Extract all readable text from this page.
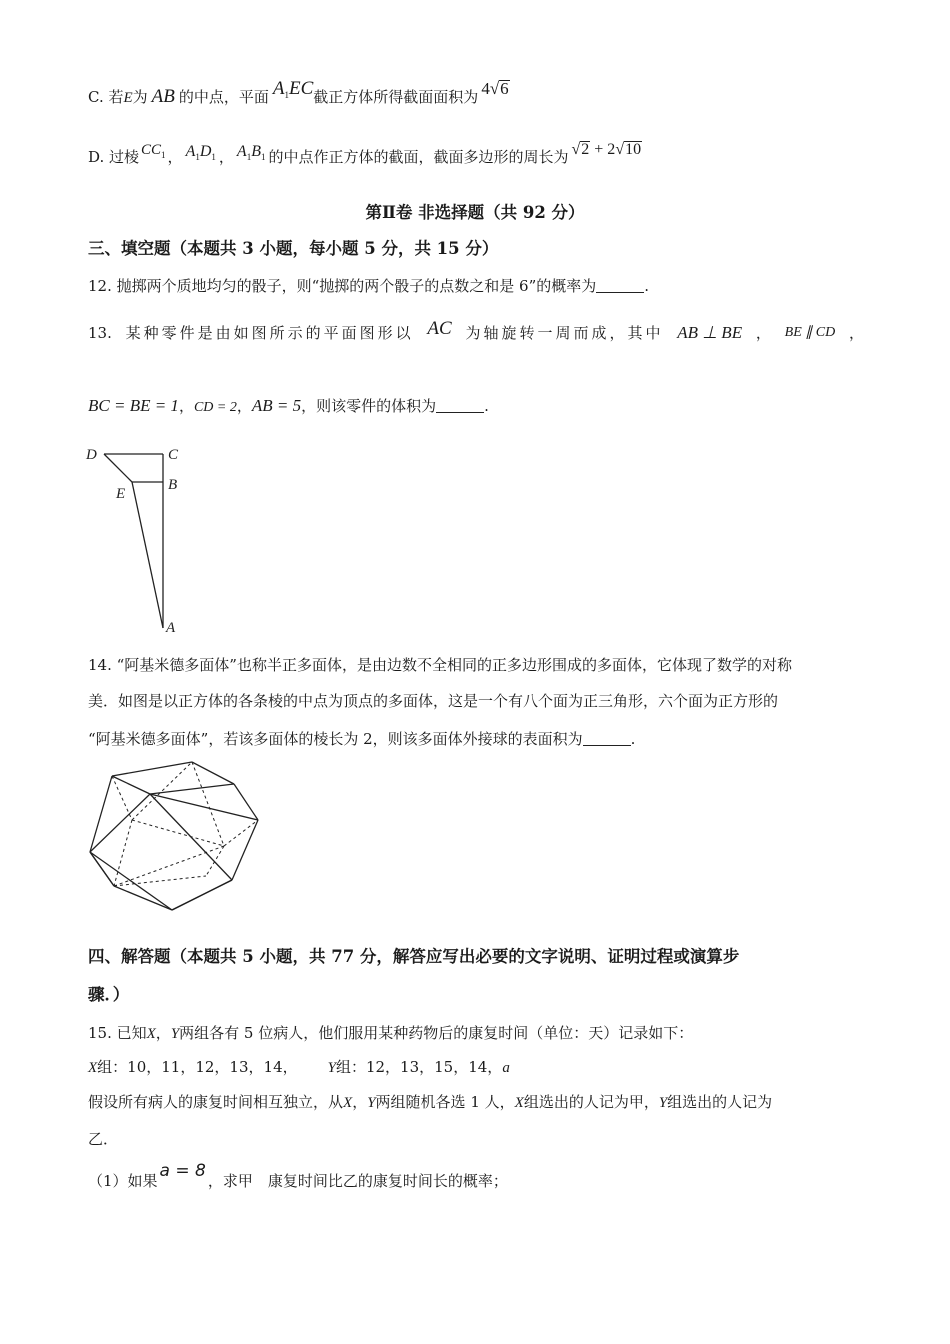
C. 若E为 AB 的中点，平面 $A_1EC$截正方体所得截面面积为 4√6
D. 过棱 $CC_1$ ， $A_1D_1$ ， $A_1B_1$ 的中点作正方体的截面，截面多边形的周长为 √2 + 2√10
第Ⅱ卷 非选择题（共 92 分）
三、填空题（本题共 3 小题，每小题 5 分，共 15 分）
12. 抛掷两个质地均匀的骰子，则“抛掷的两个骰子的点数之和是 6”的概率为	.
13. 某种零件是由如图所示的平面图形以 AC 为轴旋转一周而成，其中 AB ⊥ BE ， BE ∥ CD ，
BC = BE = 1，CD = 2，AB = 5，则该零件的体积为	.
D	C
E
B
A
14. “阿基米德多面体”也称半正多面体，是由边数不全相同的正多边形围成的多面体，它体现了数学的对称
美．如图是以正方体的各条棱的中点为顶点的多面体，这是一个有八个面为正三角形，六个面为正方形的
“阿基米德多面体”，若该多面体的棱长为 2，则该多面体外接球的表面积为	.
四、解答题（本题共 5 小题，共 77 分，解答应写出必要的文字说明、证明过程或演算步
骤．）
15. 已知X，Y两组各有 5 位病人，他们服用某种药物后的康复时间（单位：天）记录如下：
X组：10，11，12，13，14， Y组：12，13，15，14，a
假设所有病人的康复时间相互独立，从X，Y两组随机各选 1 人，X组选出的人记为甲，Y组选出的人记为
乙．
（1）如果 a = 8 ，求甲　康复时间比乙的康复时间长的概率；
